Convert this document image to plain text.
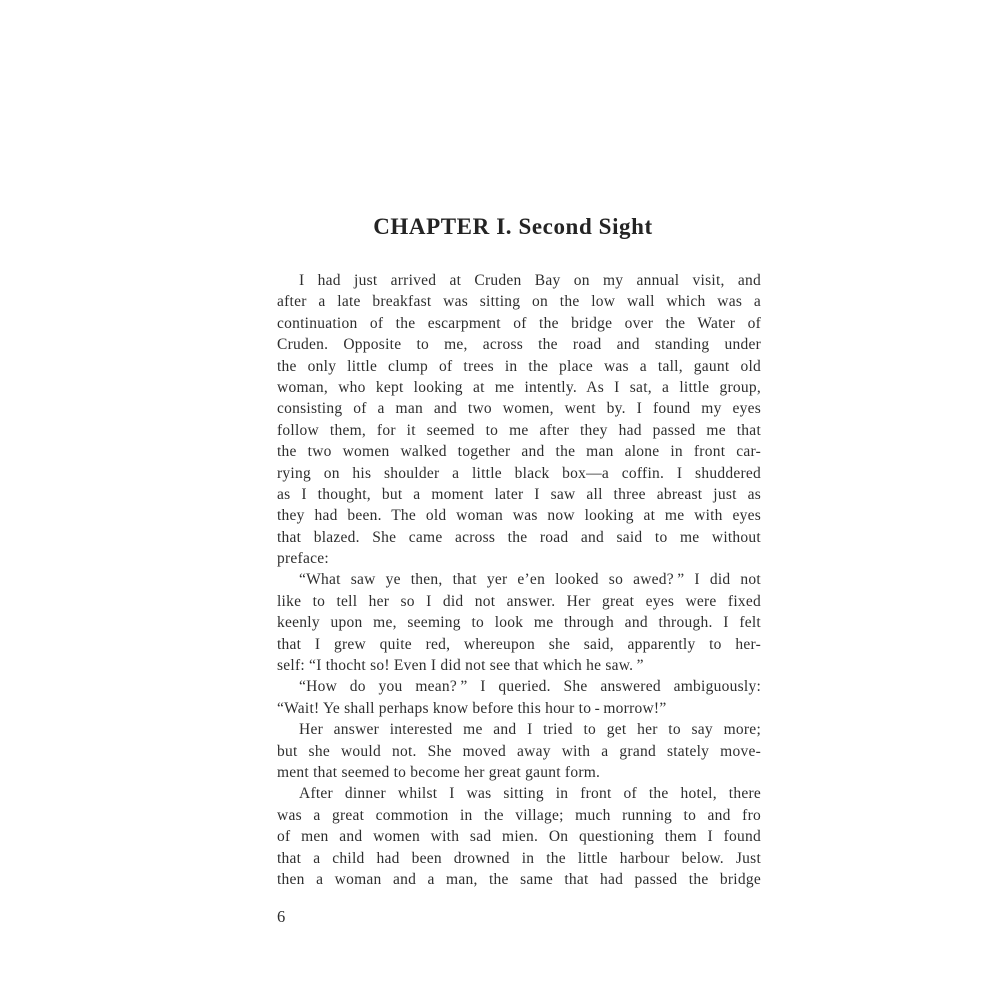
CHAPTER I. Second Sight
I had just arrived at Cruden Bay on my annual visit, and
after a late breakfast was sitting on the low wall which was a
continuation of the escarpment of the bridge over the Water of
Cruden. Opposite to me, across the road and standing under
the only little clump of trees in the place was a tall, gaunt old
woman, who kept looking at me intently. As I sat, a little group,
consisting of a man and two women, went by. I found my eyes
follow them, for it seemed to me after they had passed me that
the two women walked together and the man alone in front car-
rying on his shoulder a little black box—a coffin. I shuddered
as I thought, but a moment later I saw all three abreast just as
they had been. The old woman was now looking at me with eyes
that blazed. She came across the road and said to me without
preface:
“What saw ye then, that yer e’en looked so awed? ” I did not
like to tell her so I did not answer. Her great eyes were fixed
keenly upon me, seeming to look me through and through. I felt
that I grew quite red, whereupon she said, apparently to her-
self: “I thocht so! Even I did not see that which he saw. ”
“How do you mean? ” I queried. She answered ambiguously:
“Wait! Ye shall perhaps know before this hour to - morrow!”
Her answer interested me and I tried to get her to say more;
but she would not. She moved away with a grand stately move-
ment that seemed to become her great gaunt form.
After dinner whilst I was sitting in front of the hotel, there
was a great commotion in the village; much running to and fro
of men and women with sad mien. On questioning them I found
that a child had been drowned in the little harbour below. Just
then a woman and a man, the same that had passed the bridge
6
